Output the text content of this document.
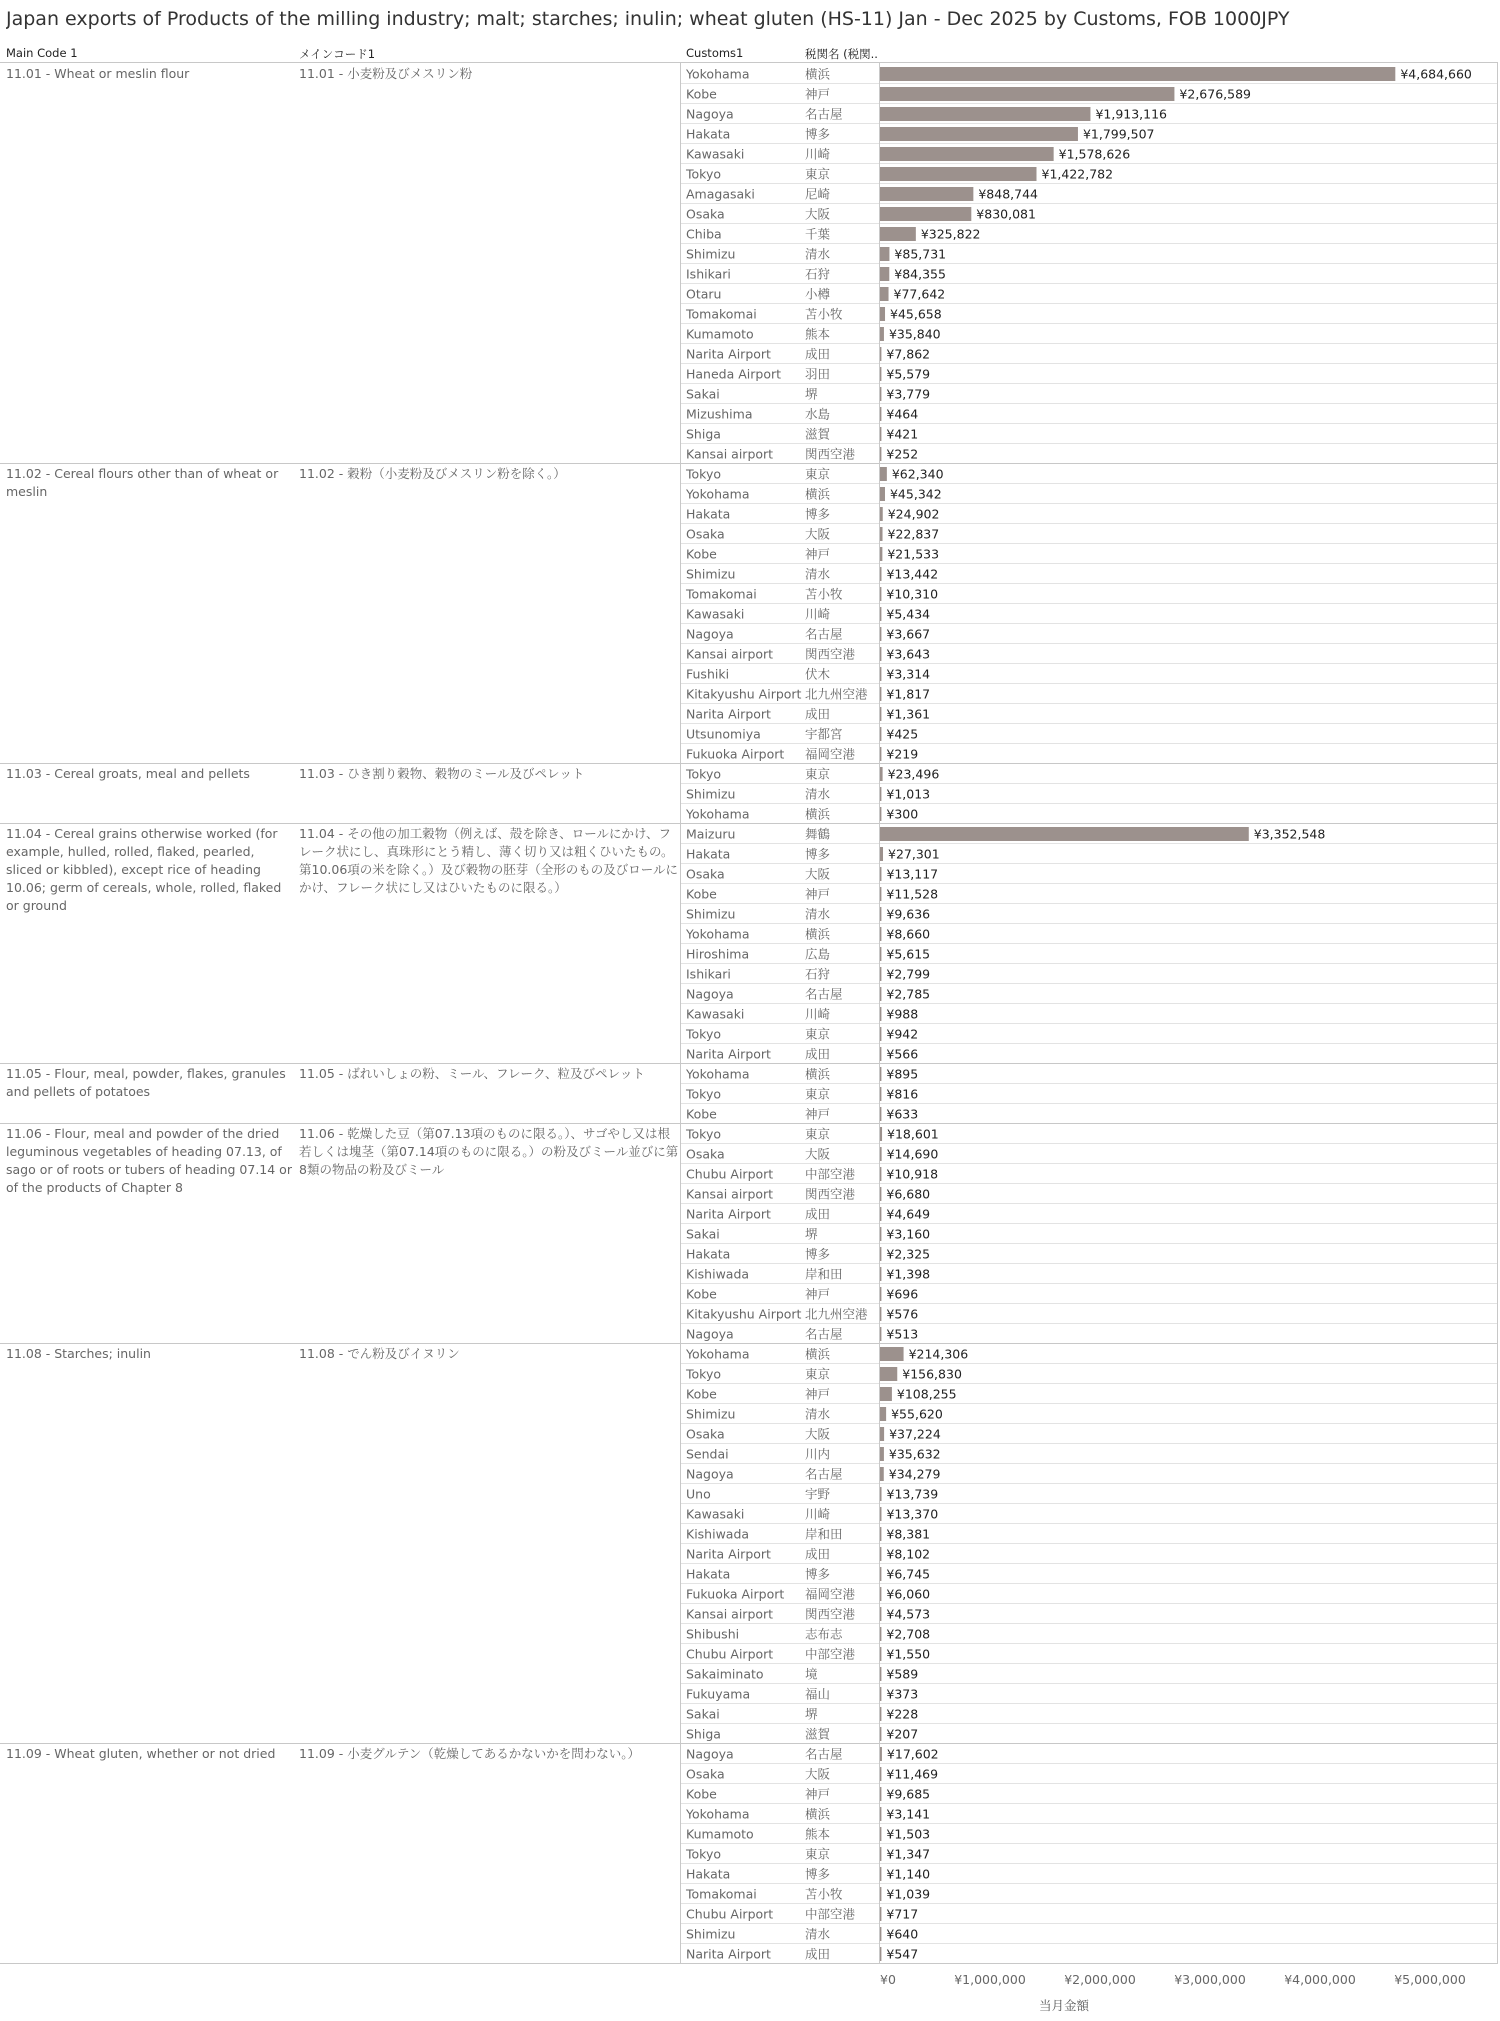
Japan exports of Products of the milling industry; malt; starches; inulin; wheat gluten (HS-11) Jan - Dec 2025 by Customs, FOB 1000JPY
Main Code 1	メインコード1	Customs1	税関名 (税関..
11.01 - Wheat or meslin flour	11.01 - 小麦粉及びメスリン粉	Yokohama	横浜	¥4,684,660
Kobe	神戸	¥2,676,589
Nagoya	名古屋	¥1,913,116
Hakata	博多	¥1,799,507
Kawasaki	川崎	¥1,578,626
Tokyo	東京	¥1,422,782
Amagasaki	尼崎	¥848,744
Osaka	大阪	¥830,081
Chiba	千葉	¥325,822
Shimizu	清水	¥85,731
Ishikari	石狩	¥84,355
Otaru	小樽	¥77,642
Tomakomai	苫小牧	¥45,658
Kumamoto	熊本	¥35,840
Narita Airport	成田	¥7,862
Haneda Airport 羽田	¥5,579
Sakai	堺	¥3,779
Mizushima	水島	¥464
Shiga	滋賀	¥421
Kansai airport	関西空港	¥252
11.02 - Cereal flours other than of wheat or
meslin
11.02 - 穀粉（小麦粉及びメスリン粉を除く。）	Tokyo	東京	¥62,340
Yokohama	横浜	¥45,342
Hakata	博多	¥24,902
Osaka	大阪	¥22,837
Kobe	神戸	¥21,533
Shimizu	清水	¥13,442
Tomakomai	苫小牧	¥10,310
Kawasaki	川崎	¥5,434
Nagoya	名古屋	¥3,667
Kansai airport	関西空港	¥3,643
Fushiki	伏木	¥3,314
Kitakyushu Airport 北九州空港 ¥1,817
Narita Airport	成田	¥1,361
Utsunomiya	宇都宮	¥425
Fukuoka Airport 福岡空港	¥219
11.03 - Cereal groats, meal and pellets	11.03 - ひき割り穀物、穀物のミール及びペレット	Tokyo	東京	¥23,496
Shimizu	清水	¥1,013
Yokohama	横浜	¥300
11.04 - Cereal grains otherwise worked (for
example, hulled, rolled, flaked, pearled,
sliced or kibbled), except rice of heading
10.06; germ of cereals, whole, rolled, flaked
or ground
11.04 - その他の加工穀物（例えば、殻を除き、ロールにかけ、フ
レーク状にし、真珠形にとう精し、薄く切り又は粗くひいたもの。
第10.06項の米を除く。）及び穀物の胚芽（全形のもの及びロールに
かけ、フレーク状にし又はひいたものに限る。）
Maizuru	舞鶴	¥3,352,548
Hakata	博多	¥27,301
Osaka	大阪	¥13,117
Kobe	神戸	¥11,528
Shimizu	清水	¥9,636
Yokohama	横浜	¥8,660
Hiroshima	広島	¥5,615
Ishikari	石狩	¥2,799
Nagoya	名古屋	¥2,785
Kawasaki	川崎	¥988
Tokyo	東京	¥942
Narita Airport	成田	¥566
11.05 - Flour, meal, powder, flakes, granules
and pellets of potatoes
11.05 - ばれいしょの粉、ミール、フレーク、粒及びペレット	Yokohama	横浜	¥895
Tokyo	東京	¥816
Kobe	神戸	¥633
11.06 - Flour, meal and powder of the dried
leguminous vegetables of heading 07.13, of
sago or of roots or tubers of heading 07.14 or
of the products of Chapter 8
11.06 - 乾燥した豆（第07.13項のものに限る。）、サゴやし又は根
若しくは塊茎（第07.14項のものに限る。）の粉及びミール並びに第
8類の物品の粉及びミール
Tokyo	東京	¥18,601
Osaka	大阪	¥14,690
Chubu Airport	中部空港	¥10,918
Kansai airport	関西空港	¥6,680
Narita Airport	成田	¥4,649
Sakai	堺	¥3,160
Hakata	博多	¥2,325
Kishiwada	岸和田	¥1,398
Kobe	神戸	¥696
Kitakyushu Airport 北九州空港 ¥576
Nagoya	名古屋	¥513
11.08 - Starches; inulin	11.08 - でん粉及びイヌリン	Yokohama	横浜	¥214,306
Tokyo	東京	¥156,830
Kobe	神戸	¥108,255
Shimizu	清水	¥55,620
Osaka	大阪	¥37,224
Sendai	川内	¥35,632
Nagoya	名古屋	¥34,279
Uno	宇野	¥13,739
Kawasaki	川崎	¥13,370
Kishiwada	岸和田	¥8,381
Narita Airport	成田	¥8,102
Hakata	博多	¥6,745
Fukuoka Airport 福岡空港	¥6,060
Kansai airport	関西空港	¥4,573
Shibushi	志布志	¥2,708
Chubu Airport	中部空港	¥1,550
Sakaiminato	境	¥589
Fukuyama	福山	¥373
Sakai	堺	¥228
Shiga	滋賀	¥207
11.09 - Wheat gluten, whether or not dried 11.09 - 小麦グルテン（乾燥してあるかないかを問わない。）	Nagoya	名古屋	¥17,602
Osaka	大阪	¥11,469
Kobe	神戸	¥9,685
Yokohama	横浜	¥3,141
Kumamoto	熊本	¥1,503
Tokyo	東京	¥1,347
Hakata	博多	¥1,140
Tomakomai	苫小牧	¥1,039
Chubu Airport	中部空港	¥717
Shimizu	清水	¥640
Narita Airport	成田	¥547
¥0	¥1,000,000	¥2,000,000	¥3,000,000	¥4,000,000	¥5,000,000
当月金額
